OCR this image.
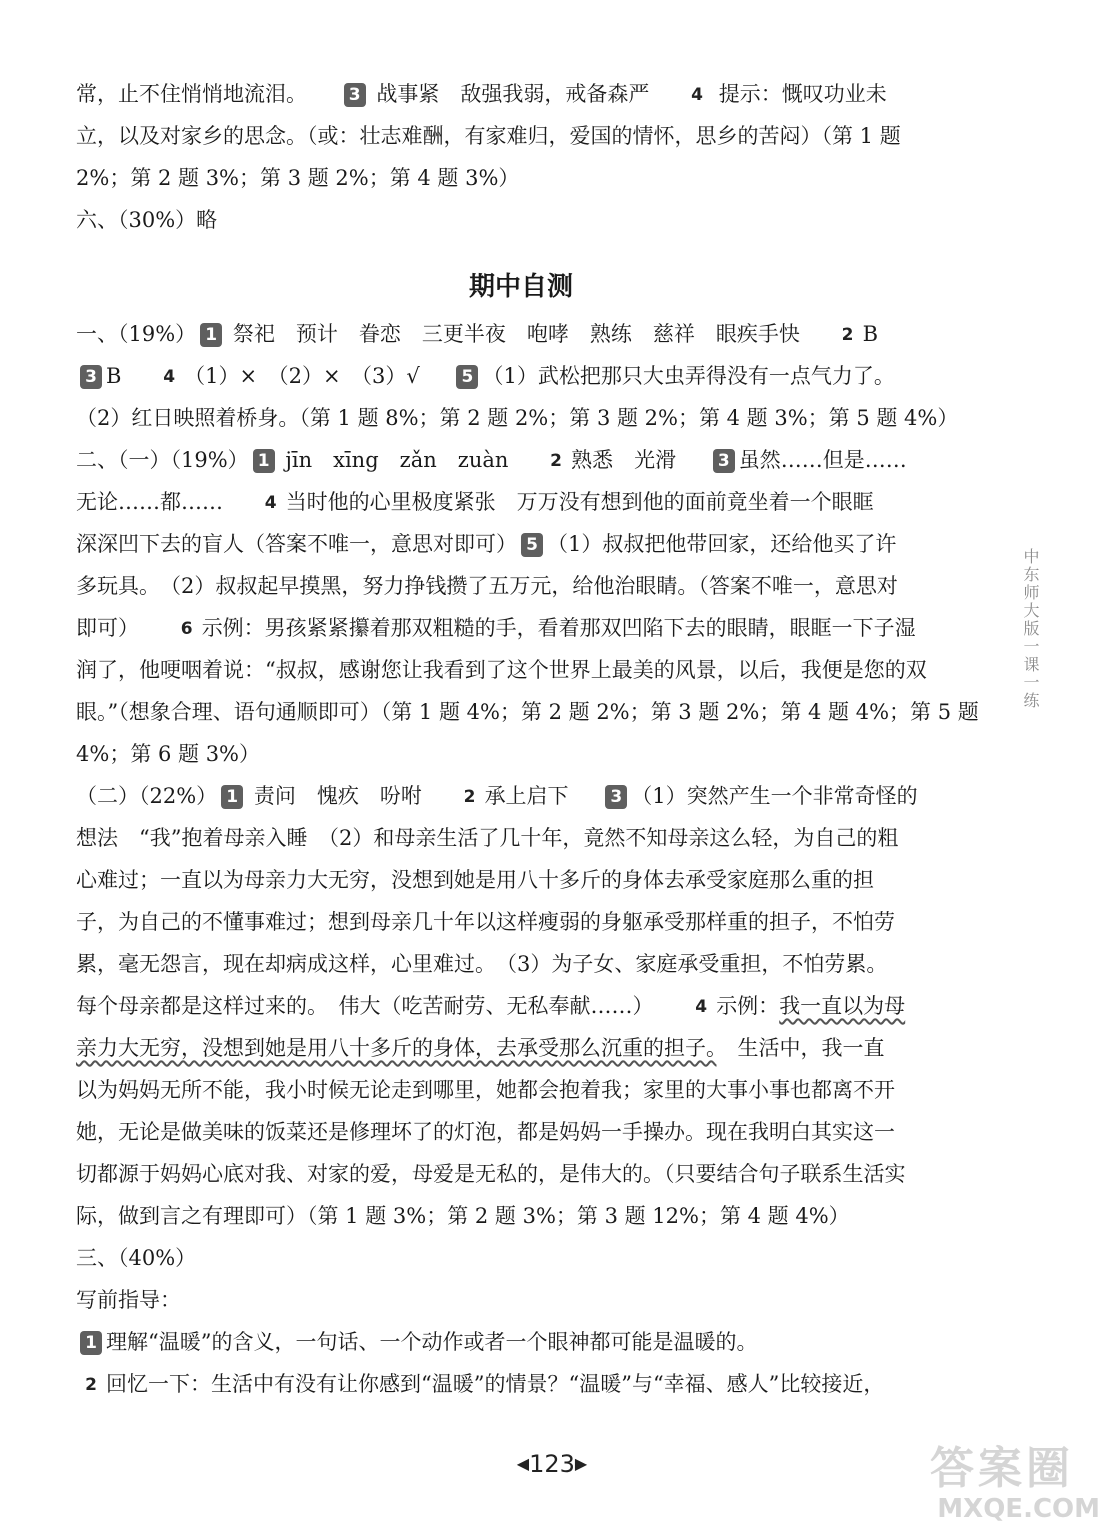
常，止不住悄悄地流泪。 3 战事紧　敌强我弱，戒备森严 4 提示：慨叹功业未
立，以及对家乡的思念。（或：壮志难酬，有家难归，爱国的情怀，思乡的苦闷）（第 1 题
2%；第 2 题 3%；第 3 题 2%；第 4 题 3%）
六、（30%）略
期中自测
一、（19%） 1 祭祀　预计　眷恋　三更半夜　咆哮　熟练　慈祥　眼疾手快 2 B
3 B 4 （1）×　（2）×　（3）√ 5 （1）武松把那只大虫弄得没有一点气力了。
（2）红日映照着桥身。（第 1 题 8%；第 2 题 2%；第 3 题 2%；第 4 题 3%；第 5 题 4%）
二、（一）（19%） 1 jīn　xīng　zǎn　zuàn 2 熟悉　光滑 3 虽然……但是……
无论……都…… 4 当时他的心里极度紧张　万万没有想到他的面前竟坐着一个眼眶
深深凹下去的盲人（答案不唯一，意思对即可） 5 （1）叔叔把他带回家，还给他买了许
多玩具。　（2）叔叔起早摸黑，努力挣钱攒了五万元，给他治眼睛。（答案不唯一，意思对
即可） 6 示例：男孩紧紧攥着那双粗糙的手，看着那双凹陷下去的眼睛，眼眶一下子湿
润了，他哽咽着说：“叔叔，感谢您让我看到了这个世界上最美的风景，以后，我便是您的双
眼。”（想象合理、语句通顺即可）（第 1 题 4%；第 2 题 2%；第 3 题 2%；第 4 题 4%；第 5 题
4%；第 6 题 3%）
（二）（22%） 1 责问　愧疚　吩咐 2 承上启下 3 （1）突然产生一个非常奇怪的
想法　“我”抱着母亲入睡　（2）和母亲生活了几十年，竟然不知母亲这么轻，为自己的粗
心难过；一直以为母亲力大无穷，没想到她是用八十多斤的身体去承受家庭那么重的担
子，为自己的不懂事难过；想到母亲几十年以这样瘦弱的身躯承受那样重的担子，不怕劳
累，毫无怨言，现在却病成这样，心里难过。　（3）为子女、家庭承受重担，不怕劳累。
每个母亲都是这样过来的。　伟大（吃苦耐劳、无私奉献……） 4 示例：我一直以为母
亲力大无穷，没想到她是用八十多斤的身体，去承受那么沉重的担子。　生活中，我一直
以为妈妈无所不能，我小时候无论走到哪里，她都会抱着我；家里的大事小事也都离不开
她，无论是做美味的饭菜还是修理坏了的灯泡，都是妈妈一手操办。现在我明白其实这一
切都源于妈妈心底对我、对家的爱，母爱是无私的，是伟大的。（只要结合句子联系生活实
际，做到言之有理即可）（第 1 题 3%；第 2 题 3%；第 3 题 12%；第 4 题 4%）
三、（40%）
写前指导：
1 理解“温暖”的含义，一句话、一个动作或者一个眼神都可能是温暖的。
2 回忆一下：生活中有没有让你感到“温暖”的情景？“温暖”与“幸福、感人”比较接近，
中东师大版一课一练
◀123▶	答案圈
MXQE.COM
